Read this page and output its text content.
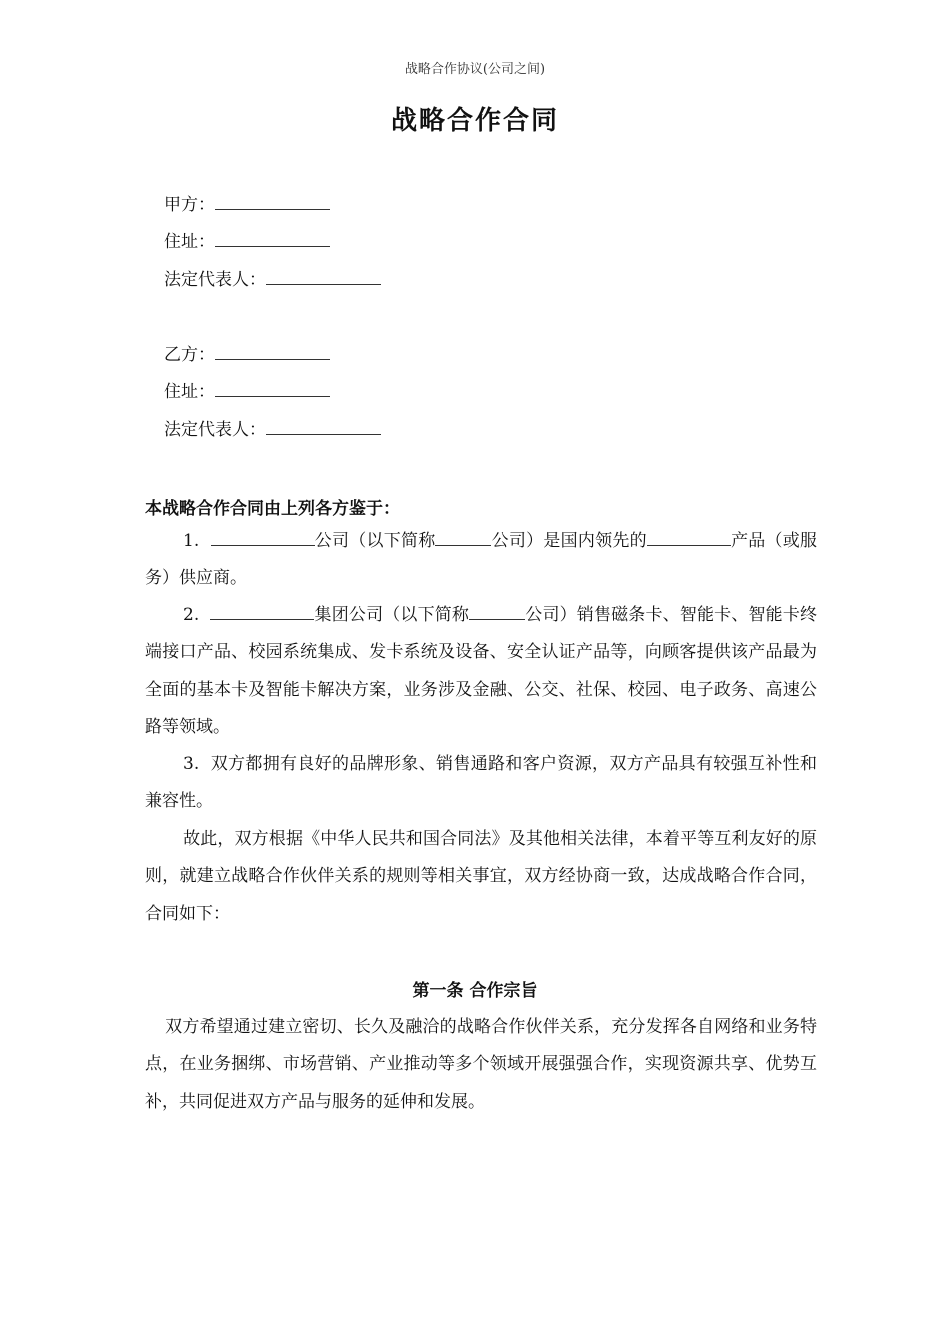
战略合作协议(公司之间)
战略合作合同
甲方：
住址：
法定代表人：
乙方：
住址：
法定代表人：
本战略合作合同由上列各方鉴于：
1.	公司（以下简称	公司）是国内领先的	产品（或服务）供应商。
2.	集团公司（以下简称	公司）销售磁条卡、智能卡、智能卡终端接口产品、校园系统集成、发卡系统及设备、安全认证产品等，向顾客提供该产品最为全面的基本卡及智能卡解决方案，业务涉及金融、公交、社保、校园、电子政务、高速公路等领域。
3. 双方都拥有良好的品牌形象、销售通路和客户资源，双方产品具有较强互补性和兼容性。
故此，双方根据《中华人民共和国合同法》及其他相关法律，本着平等互利友好的原则，就建立战略合作伙伴关系的规则等相关事宜，双方经协商一致，达成战略合作合同，合同如下：
第一条 合作宗旨
双方希望通过建立密切、长久及融洽的战略合作伙伴关系，充分发挥各自网络和业务特点，在业务捆绑、市场营销、产业推动等多个领域开展强强合作，实现资源共享、优势互补，共同促进双方产品与服务的延伸和发展。
